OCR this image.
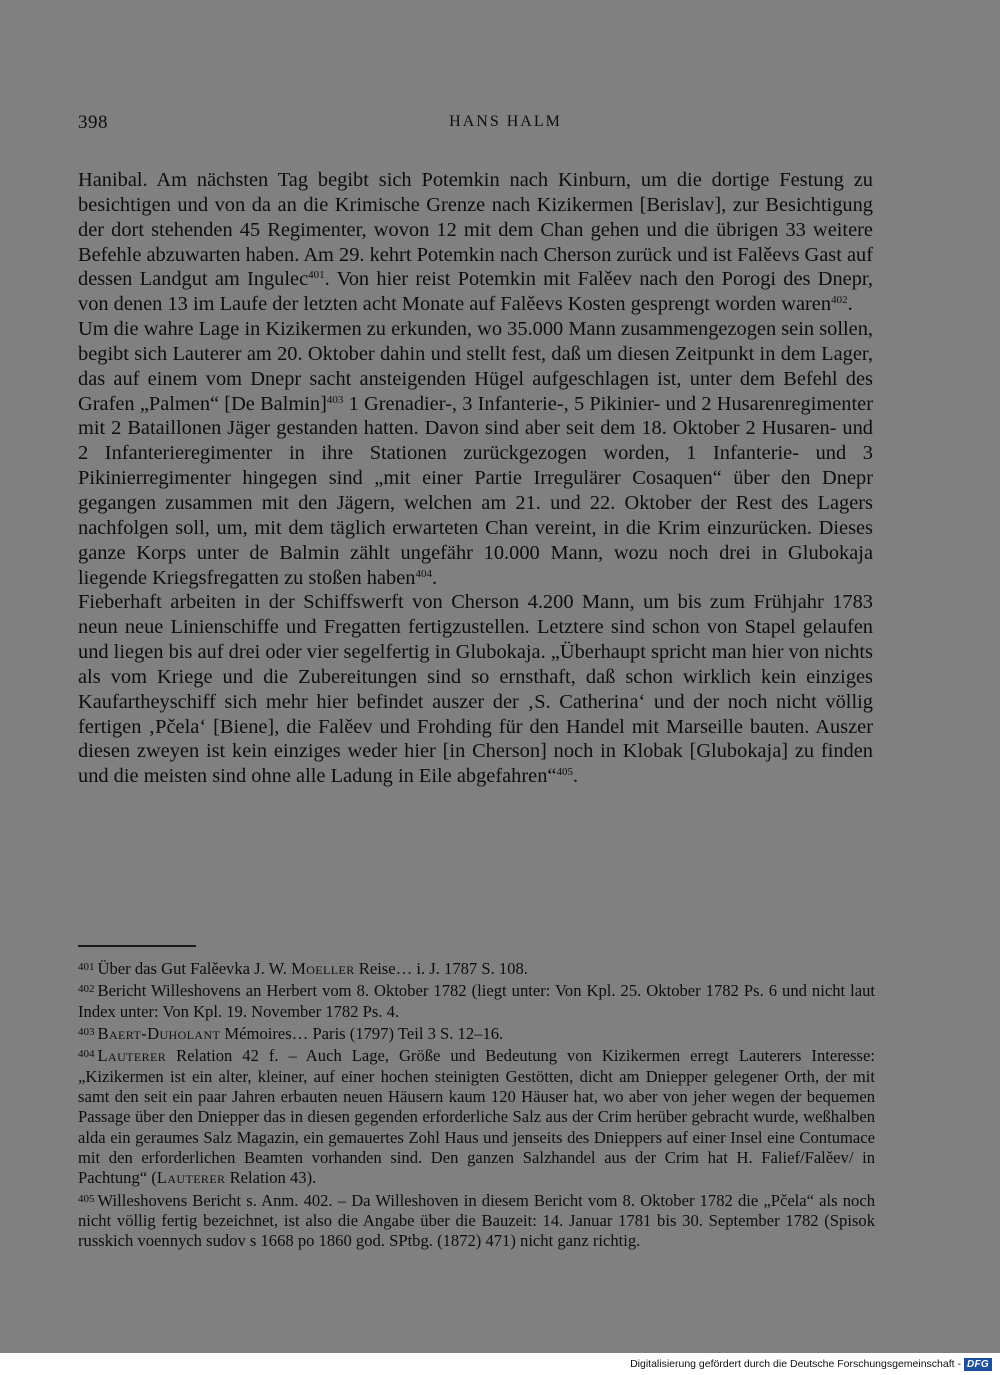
398	HANS HALM

Hanibal. Am nächsten Tag begibt sich Potemkin nach Kinburn, um die dortige Festung zu besichtigen und von da an die Krimische Grenze nach Kizikermen [Berislav], zur Besichtigung der dort stehenden 45 Regimenter, wovon 12 mit dem Chan gehen und die übrigen 33 weitere Befehle abzuwarten haben. Am 29. kehrt Potemkin nach Cherson zurück und ist Falěevs Gast auf dessen Landgut am Ingulec$^{401}$. Von hier reist Potemkin mit Falěev nach den Porogi des Dnepr, von denen 13 im Laufe der letzten acht Monate auf Falěevs Kosten gesprengt worden waren$^{402}$.

Um die wahre Lage in Kizikermen zu erkunden, wo 35.000 Mann zusammengezogen sein sollen, begibt sich Lauterer am 20. Oktober dahin und stellt fest, daß um diesen Zeitpunkt in dem Lager, das auf einem vom Dnepr sacht ansteigenden Hügel aufgeschlagen ist, unter dem Befehl des Grafen „Palmen“ [De Balmin]$^{403}$ 1 Grenadier-, 3 Infanterie-, 5 Pikinier- und 2 Husarenregimenter mit 2 Bataillonen Jäger gestanden hatten. Davon sind aber seit dem 18. Oktober 2 Husaren- und 2 Infanterieregimenter in ihre Stationen zurückgezogen worden, 1 Infanterie- und 3 Pikinierregimenter hingegen sind „mit einer Partie Irregulärer Cosaquen“ über den Dnepr gegangen zusammen mit den Jägern, welchen am 21. und 22. Oktober der Rest des Lagers nachfolgen soll, um, mit dem täglich erwarteten Chan vereint, in die Krim einzurücken. Dieses ganze Korps unter de Balmin zählt ungefähr 10.000 Mann, wozu noch drei in Glubokaja liegende Kriegsfregatten zu stoßen haben$^{404}$.

Fieberhaft arbeiten in der Schiffswerft von Cherson 4.200 Mann, um bis zum Frühjahr 1783 neun neue Linienschiffe und Fregatten fertigzustellen. Letztere sind schon von Stapel gelaufen und liegen bis auf drei oder vier segelfertig in Glubokaja. „Überhaupt spricht man hier von nichts als vom Kriege und die Zubereitungen sind so ernsthaft, daß schon wirklich kein einziges Kaufartheyschiff sich mehr hier befindet auszer der ‚S. Catherina‘ und der noch nicht völlig fertigen ‚Pčela‘ [Biene], die Falěev und Frohding für den Handel mit Marseille bauten. Auszer diesen zweyen ist kein einziges weder hier [in Cherson] noch in Klobak [Glubokaja] zu finden und die meisten sind ohne alle Ladung in Eile abgefahren“$^{405}$.

$^{401}$ Über das Gut Falěevka J. W. Moeller Reise… i. J. 1787 S. 108.

$^{402}$ Bericht Willeshovens an Herbert vom 8. Oktober 1782 (liegt unter: Von Kpl. 25. Oktober 1782 Ps. 6 und nicht laut Index unter: Von Kpl. 19. November 1782 Ps. 4.

$^{403}$ Baert-Duholant Mémoires… Paris (1797) Teil 3 S. 12–16.

$^{404}$ Lauterer Relation 42 f. – Auch Lage, Größe und Bedeutung von Kizikermen erregt Lauterers Interesse: „Kizikermen ist ein alter, kleiner, auf einer hochen steinigten Gestötten, dicht am Dniepper gelegener Orth, der mit samt den seit ein paar Jahren erbauten neuen Häusern kaum 120 Häuser hat, wo aber von jeher wegen der bequemen Passage über den Dniepper das in diesen gegenden erforderliche Salz aus der Crim herüber gebracht wurde, weßhalben alda ein geraumes Salz Magazin, ein gemauertes Zohl Haus und jenseits des Dnieppers auf einer Insel eine Contumace mit den erforderlichen Beamten vorhanden sind. Den ganzen Salzhandel aus der Crim hat H. Falief/Falěev/ in Pachtung“ (Lauterer Relation 43).

$^{405}$ Willeshovens Bericht s. Anm. 402. – Da Willeshoven in diesem Bericht vom 8. Oktober 1782 die „Pčela“ als noch nicht völlig fertig bezeichnet, ist also die Angabe über die Bauzeit: 14. Januar 1781 bis 30. September 1782 (Spisok russkich voennych sudov s 1668 po 1860 god. SPtbg. (1872) 471) nicht ganz richtig.

Digitalisierung gefördert durch die Deutsche Forschungsgemeinschaft - DFG
